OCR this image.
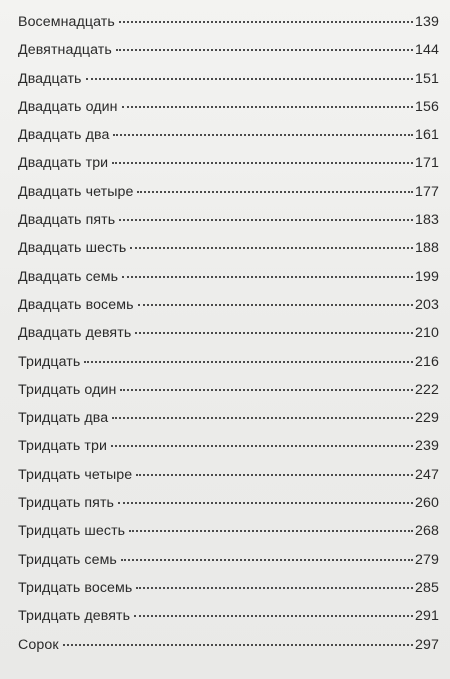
Восемнадцать	139
Девятнадцать	144
Двадцать	151
Двадцать один	156
Двадцать два	161
Двадцать три	171
Двадцать четыре	177
Двадцать пять	183
Двадцать шесть	188
Двадцать семь	199
Двадцать восемь	203
Двадцать девять	210
Тридцать	216
Тридцать один	222
Тридцать два	229
Тридцать три	239
Тридцать четыре	247
Тридцать пять	260
Тридцать шесть	268
Тридцать семь	279
Тридцать восемь	285
Тридцать девять	291
Сорок	297
